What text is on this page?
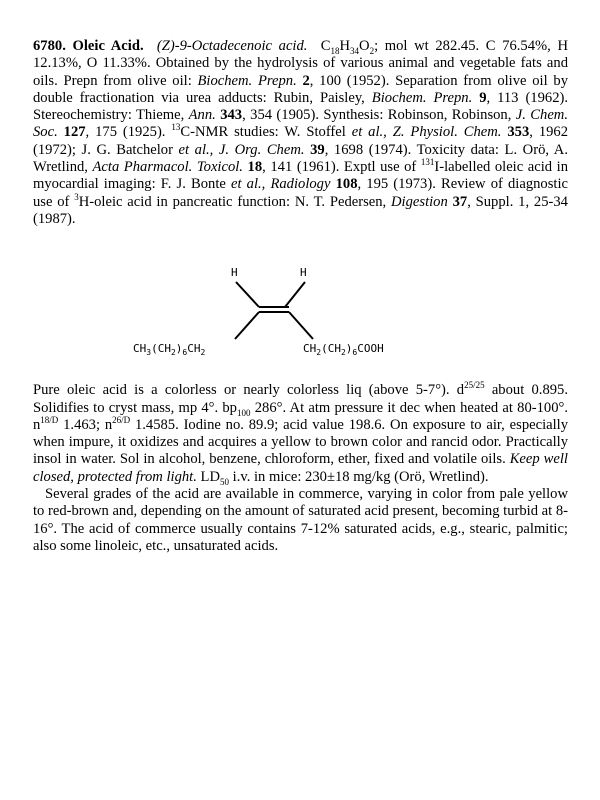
6780. Oleic Acid. (Z)-9-Octadecenoic acid. $C_{18}H_{34}O_2$; mol wt 282.45. C 76.54%, H 12.13%, O 11.33%. Obtained by the hydrolysis of various animal and vegetable fats and oils. Prepn from olive oil: Biochem. Prepn. 2, 100 (1952). Separation from olive oil by double fractionation via urea adducts: Rubin, Paisley, Biochem. Prepn. 9, 113 (1962). Stereochemistry: Thieme, Ann. 343, 354 (1905). Synthesis: Robinson, Robinson, J. Chem. Soc. 127, 175 (1925). $^{13}$C-NMR studies: W. Stoffel et al., Z. Physiol. Chem. 353, 1962 (1972); J. G. Batchelor et al., J. Org. Chem. 39, 1698 (1974). Toxicity data: L. Orö, A. Wretlind, Acta Pharmacol. Toxicol. 18, 141 (1961). Exptl use of $^{131}$I-labelled oleic acid in myocardial imaging: F. J. Bonte et al., Radiology 108, 195 (1973). Review of diagnostic use of $^3$H-oleic acid in pancreatic function: N. T. Pedersen, Digestion 37, Suppl. 1, 25-34 (1987).

H	H
$CH_3(CH_2)_6CH_2$	$CH_2(CH_2)_6COOH$

Pure oleic acid is a colorless or nearly colorless liq (above 5-7°). $d^{25/25}$ about 0.895. Solidifies to cryst mass, mp 4°. $bp_{100}$ 286°. At atm pressure it dec when heated at 80-100°. $n^{18/D}$ 1.463; $n^{26/D}$ 1.4585. Iodine no. 89.9; acid value 198.6. On exposure to air, especially when impure, it oxidizes and acquires a yellow to brown color and rancid odor. Practically insol in water. Sol in alcohol, benzene, chloroform, ether, fixed and volatile oils. Keep well closed, protected from light. $LD_{50}$ i.v. in mice: 230±18 mg/kg (Orö, Wretlind).

Several grades of the acid are available in commerce, varying in color from pale yellow to red-brown and, depending on the amount of saturated acid present, becoming turbid at 8-16°. The acid of commerce usually contains 7-12% saturated acids, e.g., stearic, palmitic; also some linoleic, etc., unsaturated acids.
